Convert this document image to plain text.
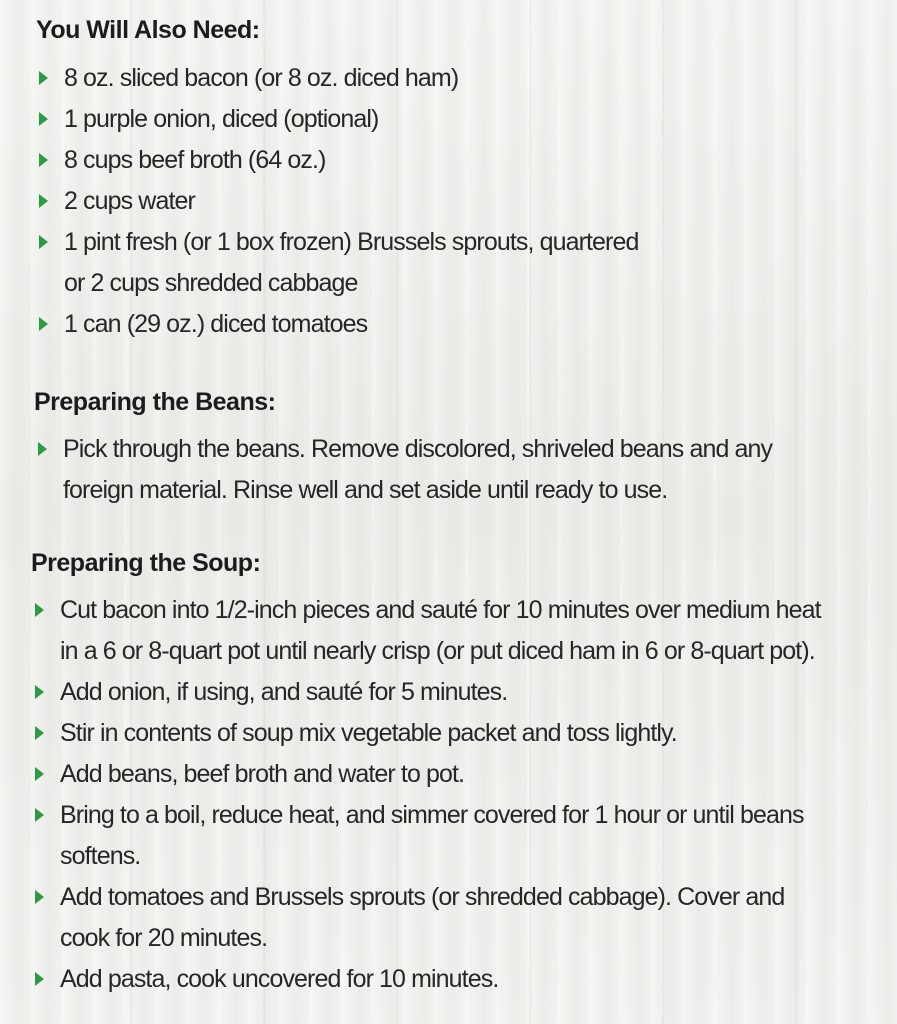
You Will Also Need:
8 oz. sliced bacon (or 8 oz. diced ham)
1 purple onion, diced (optional)
8 cups beef broth (64 oz.)
2 cups water
1 pint fresh (or 1 box frozen) Brussels sprouts, quartered
or 2 cups shredded cabbage
1 can (29 oz.) diced tomatoes
Preparing the Beans:
Pick through the beans. Remove discolored, shriveled beans and any
foreign material. Rinse well and set aside until ready to use.
Preparing the Soup:
Cut bacon into 1/2-inch pieces and sauté for 10 minutes over medium heat
in a 6 or 8-quart pot until nearly crisp (or put diced ham in 6 or 8-quart pot).
Add onion, if using, and sauté for 5 minutes.
Stir in contents of soup mix vegetable packet and toss lightly.
Add beans, beef broth and water to pot.
Bring to a boil, reduce heat, and simmer covered for 1 hour or until beans
softens.
Add tomatoes and Brussels sprouts (or shredded cabbage). Cover and
cook for 20 minutes.
Add pasta, cook uncovered for 10 minutes.
